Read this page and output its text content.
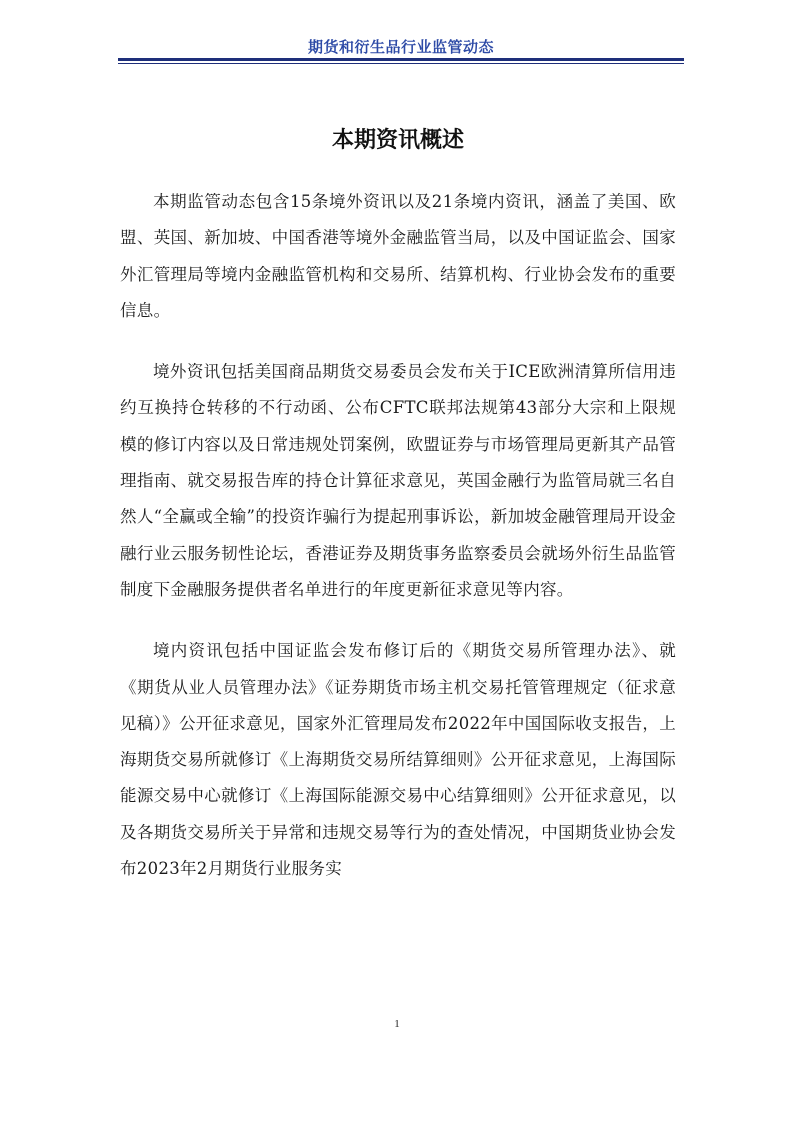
期货和衍生品行业监管动态
本期资讯概述

本期监管动态包含15条境外资讯以及21条境内资讯，涵盖了美国、欧盟、英国、新加坡、中国香港等境外金融监管当局，以及中国证监会、国家外汇管理局等境内金融监管机构和交易所、结算机构、行业协会发布的重要信息。

境外资讯包括美国商品期货交易委员会发布关于ICE欧洲清算所信用违约互换持仓转移的不行动函、公布CFTC联邦法规第43部分大宗和上限规模的修订内容以及日常违规处罚案例，欧盟证券与市场管理局更新其产品管理指南、就交易报告库的持仓计算征求意见，英国金融行为监管局就三名自然人“全赢或全输”的投资诈骗行为提起刑事诉讼，新加坡金融管理局开设金融行业云服务韧性论坛，香港证券及期货事务监察委员会就场外衍生品监管制度下金融服务提供者名单进行的年度更新征求意见等内容。

境内资讯包括中国证监会发布修订后的《期货交易所管理办法》、就《期货从业人员管理办法》《证券期货市场主机交易托管管理规定（征求意见稿）》公开征求意见，国家外汇管理局发布2022年中国国际收支报告，上海期货交易所就修订《上海期货交易所结算细则》公开征求意见，上海国际能源交易中心就修订《上海国际能源交易中心结算细则》公开征求意见，以及各期货交易所关于异常和违规交易等行为的查处情况，中国期货业协会发布2023年2月期货行业服务实

1
